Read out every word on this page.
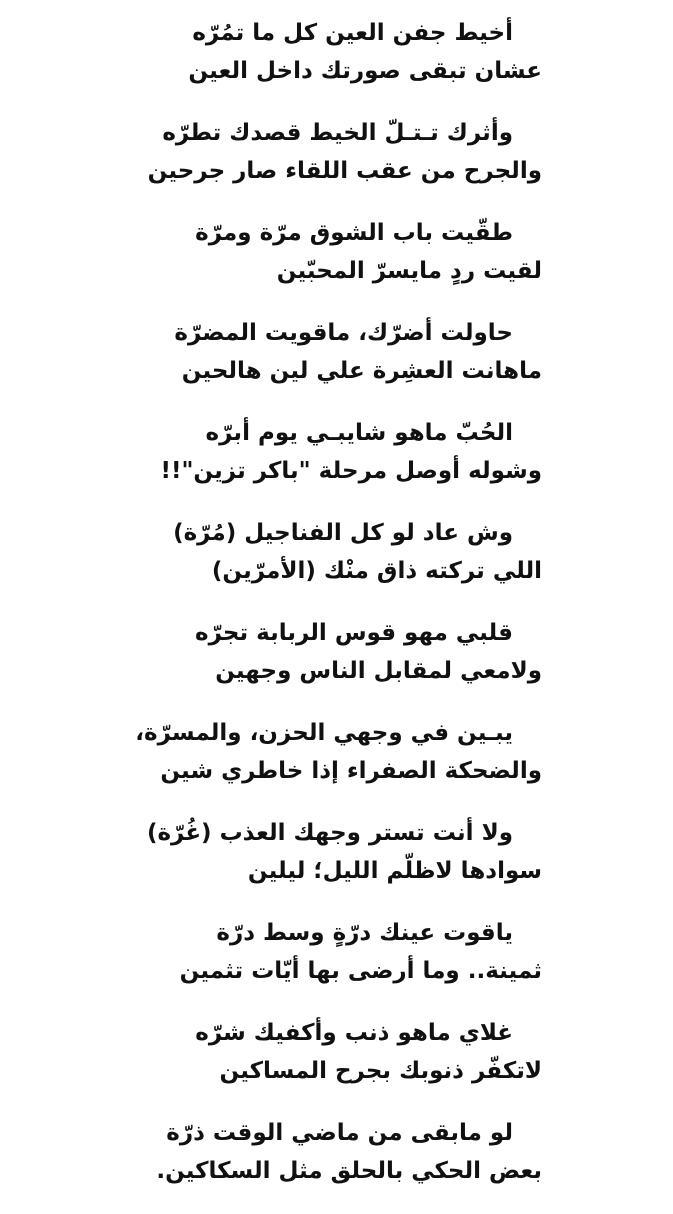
أخيط جفن العين كل ما تمُرّه
عشان تبقى صورتك داخل العين
وأثرك تـتـلّ الخيط قصدك تطرّه
والجرح من عقب اللقاء صار جرحين
طقّيت باب الشوق مرّة ومرّة
لقيت ردٍ مايسرّ المحبّين
حاولت أضرّك، ماقويت المضرّة
ماهانت العشِرة علي لين هالحين
الحُبّ ماهو شايبـي يوم أبرّه
وشوله أوصل مرحلة "باكر تزين"!!
وش عاد لو كل الفناجيل (مُرّة)
اللي تركته ذاق منْك (الأمرّين)
قلبي مهو قوس الربابة تجرّه
ولامعي لمقابل الناس وجهين
يبـين في وجهي الحزن، والمسرّة،
والضحكة الصفراء إذا خاطري شين
ولا أنت تستر وجهك العذب (غُرّة)
سوادها لاظلّم الليل؛ ليلين
ياقوت عينك درّةٍ وسط درّة
ثمينة.. وما أرضى بها أيّات تثمين
غلاي ماهو ذنب وأكفيك شرّه
لاتكفّر ذنوبك بجرح المساكين
لو مابقى من ماضي الوقت ذرّة
بعض الحكي بالحلق مثل السكاكين.
